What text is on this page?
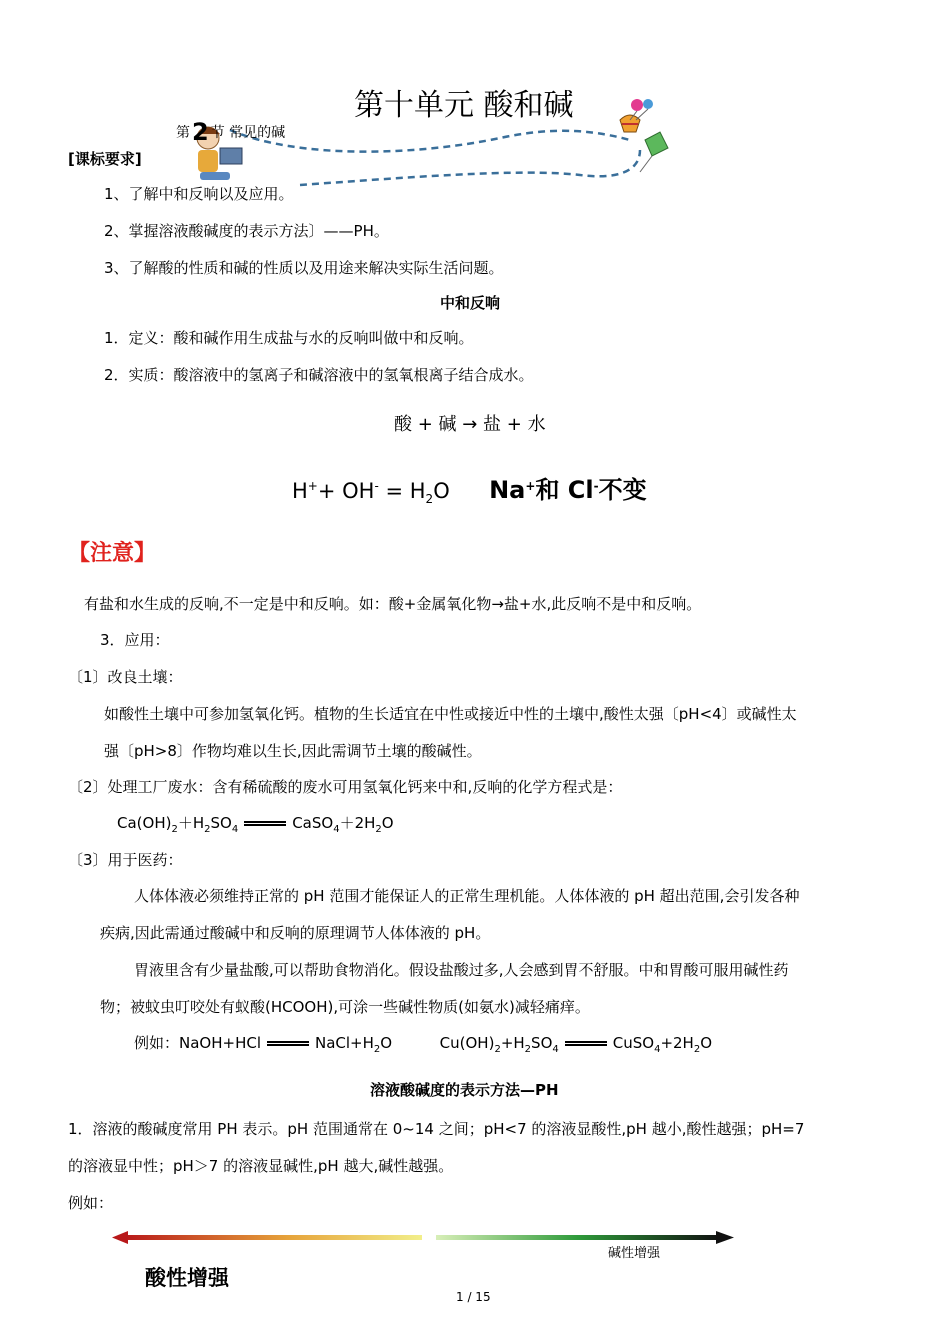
第十单元 酸和碱
第2 节 常见的碱
[课标要求]
1、了解中和反响以及应用。
2、掌握溶液酸碱度的表示方法〕——PH。
3、了解酸的性质和碱的性质以及用途来解决实际生活问题。
中和反响
1．定义：酸和碱作用生成盐与水的反响叫做中和反响。
2．实质：酸溶液中的氢离子和碱溶液中的氢氧根离子结合成水。
酸 + 碱 → 盐 + 水
$H^++ OH^- = H_2O$ Na+和 Cl-不变
【注意】
有盐和水生成的反响,不一定是中和反响。如：酸+金属氧化物→盐+水,此反响不是中和反响。
3．应用：
〔1〕改良土壤：
如酸性土壤中可参加氢氧化钙。植物的生长适宜在中性或接近中性的土壤中,酸性太强〔pH<4〕或碱性太
强〔pH>8〕作物均难以生长,因此需调节土壤的酸碱性。
〔2〕处理工厂废水：含有稀硫酸的废水可用氢氧化钙来中和,反响的化学方程式是：
$Ca(OH)_2+H_2SO_4$	$CaSO_4+2H_2O$
〔3〕用于医药：
人体体液必须维持正常的 pH 范围才能保证人的正常生理机能。人体体液的 pH 超出范围,会引发各种
疾病,因此需通过酸碱中和反响的原理调节人体体液的 pH。
胃液里含有少量盐酸,可以帮助食物消化。假设盐酸过多,人会感到胃不舒服。中和胃酸可服用碱性药
物；被蚊虫叮咬处有蚁酸(HCOOH),可涂一些碱性物质(如氨水)减轻痛痒。
例如：NaOH+HCl	$NaCl+H_2O$	$Cu(OH)_2+H_2SO_4$	$CuSO_4+2H_2O$
溶液酸碱度的表示方法—PH
1．溶液的酸碱度常用 PH 表示。pH 范围通常在 0~14 之间；pH<7 的溶液显酸性,pH 越小,酸性越强；pH=7
的溶液显中性；pH＞7 的溶液显碱性,pH 越大,碱性越强。
例如：
碱性增强
酸性增强
1 / 15
